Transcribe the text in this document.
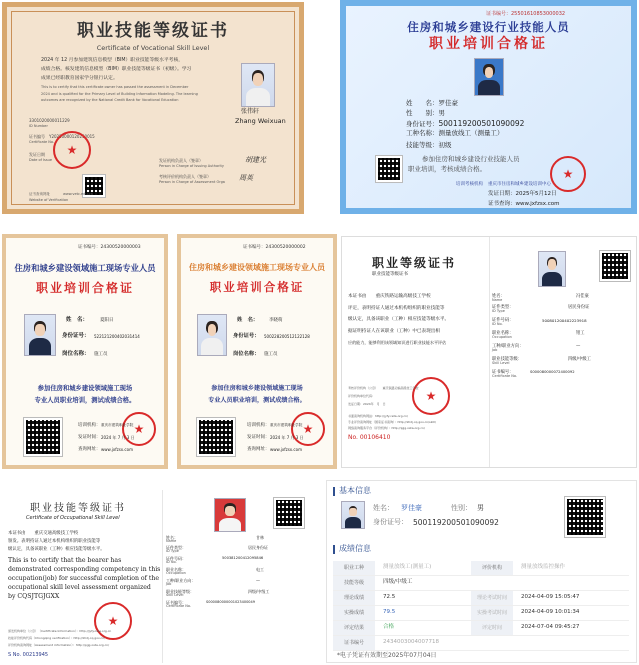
职业技能等级证书
Certificate of Vocational Skill Level
2024 年 12 月参加建筑信息模型（BIM）职业技能等级水平考核，
成绩合格。核发建筑信息模型（BIM）职业技能等级证书（初级）。学习
成果已经职教育国家学分银行认定。
This is to certify that this certificate owner has passed the assessment in December
2024 and is qualified for the Primary Level of Building Information Modeling. The learning
outcomes are recognized by the National Credit Bank for Vocational Education
张伟轩
Zhang Weixuan
3301020000011229
ID Number
证书编号 Y20250000120250015
Certificate No.
发证日期
Date of Issue ★	发证机构负责人（签章）
Person in Charge of Issuing Authority
胡建光
考核评价机构负责人（签章）
Person in Charge of Assessment Orga 周英
证书查询网址	www.vetc.edu.cn
Website of Verification
证书编号：25501610853000032
住房和城乡建设行业技能人员
职业培训合格证
姓　　名：罗佳豪
性　　别：男
身份证号：500119200501090092
工种名称：测量放线工（测量工）
技能等级：初级
参加住房和城乡建设行业技能人员
职业培训，考核成绩合格。
★
培训考核机构 重庆市住房和城乡建设培训中心
发证日期：2025年5月12日
证书查询：www.jxfzsx.com
证书编号：24300520000003
住房和城乡建设领域施工现场专业人员
职业培训合格证
姓　名：	夏阳日
身份证号： 522121200402031414
岗位名称： 施工员
参加住房和城乡建设领域施工现场
专业人员职业培训，测试成绩合格。
★
培训机构： 重庆市建筑职业学院
发证时间： 2024 年 7 月 3 日
查询网址： www.jxfzsx.com
证书编号：24300520000002
住房和城乡建设领域施工现场专业人员
职业培训合格证
姓　名： 李晓萌
身份证号： 500228200512122128
岗位名称： 施工员
参加住房和城乡建设领域施工现场
专业人员职业培训，测试成绩合格。
★
培训机构： 重庆市建筑职业学院
发证时间： 2024 年 7 月 3 日
查询网址： www.jxfzsx.com
职业等级证书
职业技能等级证书
本证书由　　重庆铁路运输高级技工学校
评定，表明持证人通过本机构组织的职业技能等
级认定，具备该职业（工种）相应技能等级水平。
据证明持证人在该职业（工种）中已表现出相
应的能力，能够利用该领域知识进行职业技能水平评估
★
考核评价机构（公章）　　重庆铁路运输高级技工学校
评价机构单位代码：
发证日期：2024年　月　日
书面查询机构网站：http://jyfy.ceta.org.cn/
专业评价查询网址（国家证书查询）：http://zhdj.cq.gov.cn/skill/
网络查询服务平台（评价机构）：http://pjjg.osta.org.cn/
No. 00106410
姓名：	冯佳豪
Name
证件类型：	居民身份证
ID Type
证件号码：	500801200402223918
ID No.
职业名称：	钳工
Occupation
工种/职业方向：	—
Job
职业技能等级：	四级/中级工
Skill Level
证书编号：	S000080000072400092
Certificate No.
职业技能等级证书
Certificate of Occupational Skill Level
本证书由　　重庆交通高级技工学校
颁发。表明持证人通过本机构组织的职业技能等
级认定，具备该职业（工种）相应技能等级水平。
This is to certify that the bearer has
demonstrated corresponding competency in this
occupation(job) for successful completion of the
occupational skill level assessment organized
by CQSJTGJGXX
★
颁发机构单位（公章）　（Certificate Information）：http://jyfy.osta.org.cn
技能评价机构代码（Chongqing verification）：http://zhdj.cq.gov.cn/
评价机构查询网址（Assessment information）：http://pjjg.osta.org.cn/
S No. 00213945
姓名：	甘林
Name
证件类型：	居民身份证
ID Type
证件号码：	500381200412095846
ID No.
职业名称：	电工
Occupation
工种/职业方向：	—
Job
职业技能等级：	四级/中级工
Skill Level
证书编号：	S000080000001023400049
Certificate No.
基本信息
姓名： 罗佳豪	性别： 男
身份证号： 500119200501090092
成绩信息
职业工种	测量放线工(测量工)	评价机构	测量放线监控操作
技能等级	四级/中级工
理论成绩	72.5	理论考试时间	2024-04-09 15:05:47
实操成绩	79.5	实操考试时间	2024-04-09 10:01:34
评定结果	合格	评定时间	2024-07-04 09:45:27
证书编号	2434003004007718
*电子凭证有效期至2025年07月04日
